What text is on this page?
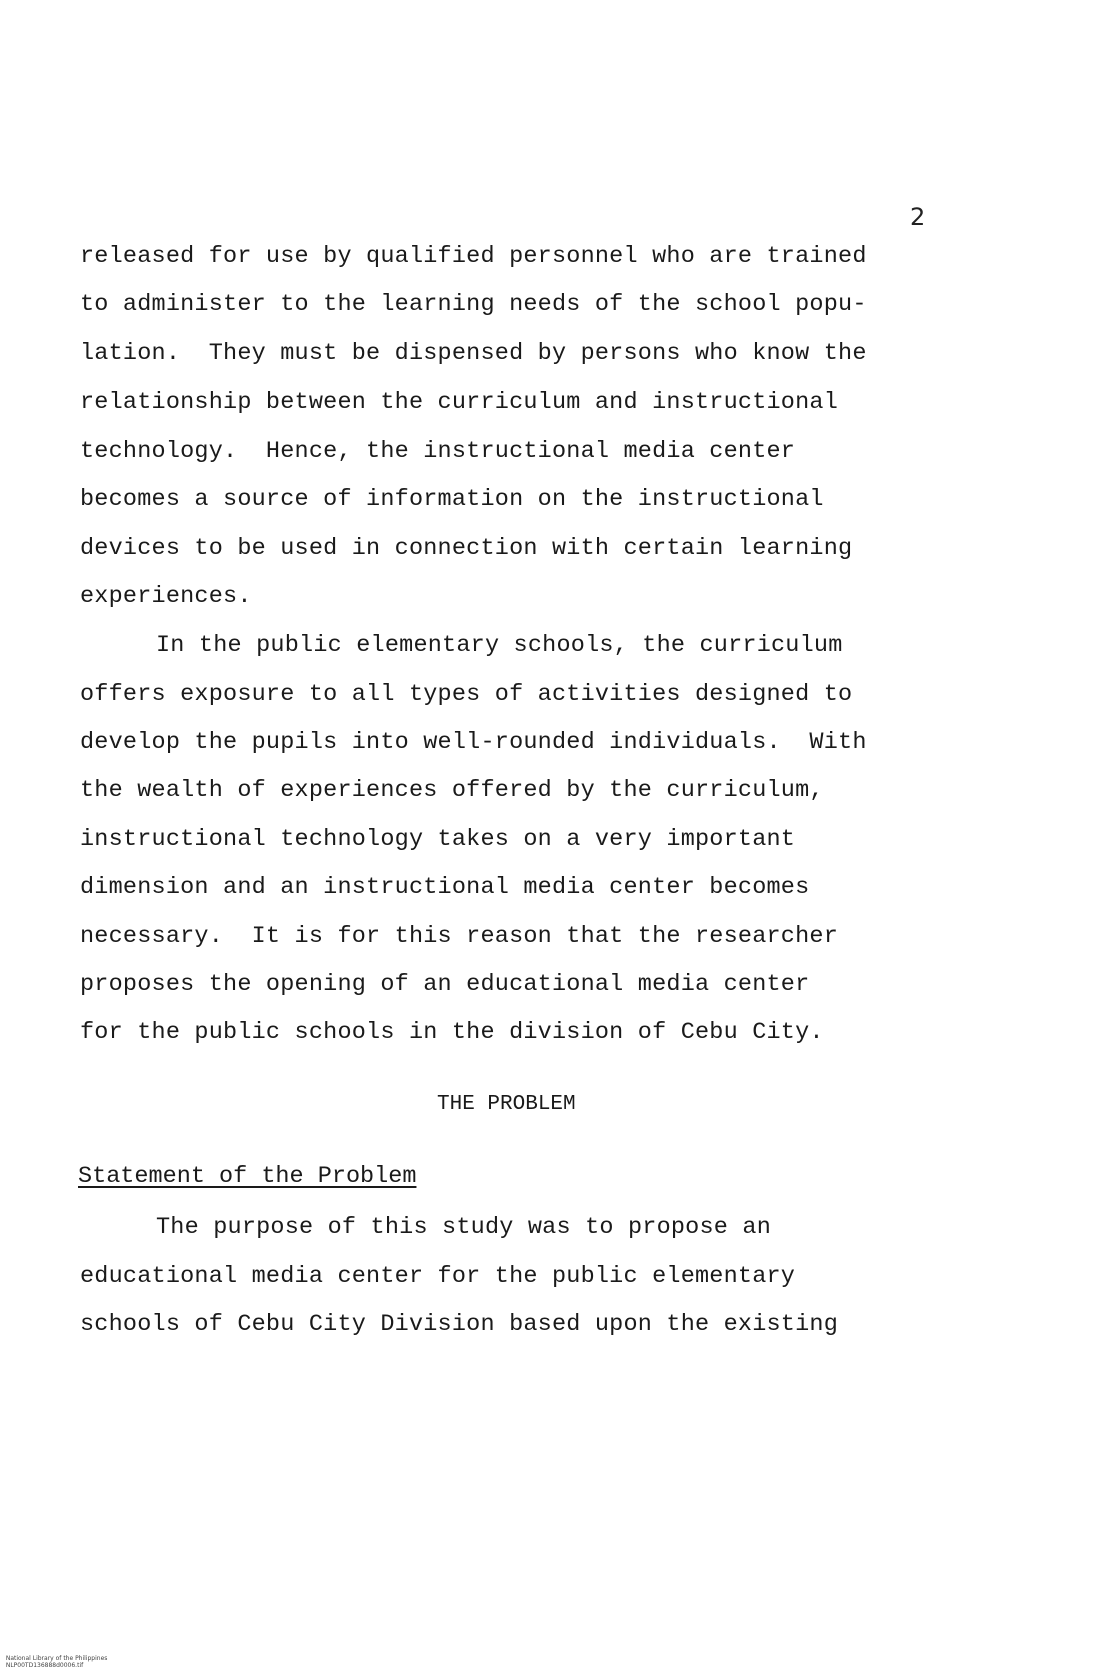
2
released for use by qualified personnel who are trained
to administer to the learning needs of the school popu-
lation.  They must be dispensed by persons who know the
relationship between the curriculum and instructional
technology.  Hence, the instructional media center
becomes a source of information on the instructional
devices to be used in connection with certain learning
experiences.
In the public elementary schools, the curriculum
offers exposure to all types of activities designed to
develop the pupils into well-rounded individuals.  With
the wealth of experiences offered by the curriculum,
instructional technology takes on a very important
dimension and an instructional media center becomes
necessary.  It is for this reason that the researcher
proposes the opening of an educational media center
for the public schools in the division of Cebu City.
THE PROBLEM
Statement of the Problem
The purpose of this study was to propose an
educational media center for the public elementary
schools of Cebu City Division based upon the existing

National Library of the Philippines
NLP00TD136888d0006.tif
